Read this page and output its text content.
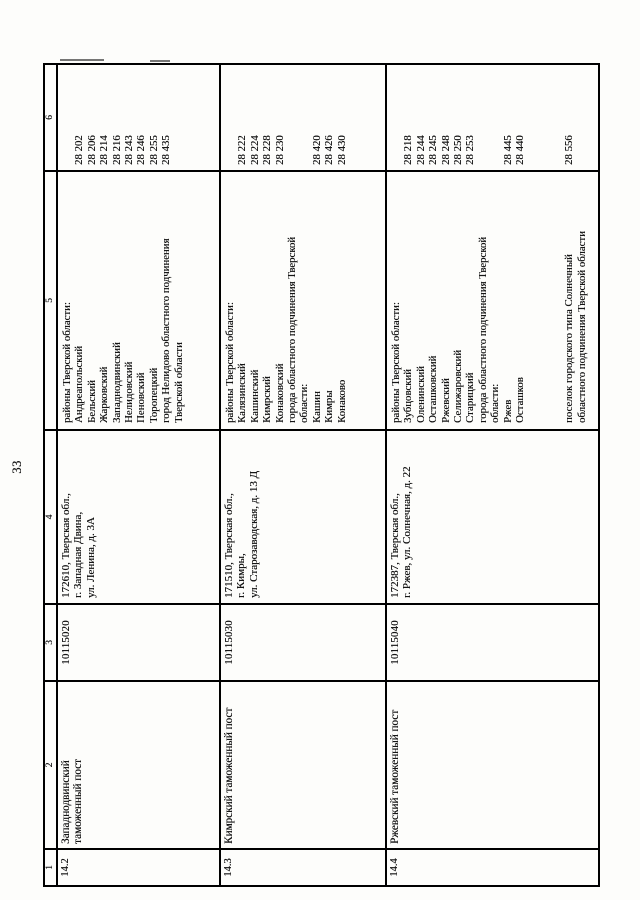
33
1
2
3
4
5
6
14.2
Западнодвинский таможенный пост
10115020
172610, Тверская обл., г. Западная Двина, ул. Ленина, д. 3А
районы Тверской области: Андреапольский Бельский Жарковский Западнодвинский Нелидовский Пеновский Торопецкий город Нелидово областного подчинения Тверской области

28 202 28 206 28 214 28 216 28 243 28 246 28 255 28 435

14.3
Кимрский таможенный пост
10115030
171510, Тверская обл., г. Кимры, ул. Старозаводская, д. 13 Д
районы Тверской области: Калязинский Кашинский Кимрский Конаковский города областного подчинения Тверской области: Кашин Кимры Конаково

28 222 28 224 28 228 28 230

28 420 28 426 28 430
14.4
Ржевский таможенный пост
10115040
172387, Тверская обл., г. Ржев, ул. Солнечная, д. 22
районы Тверской области: Зубцовский Оленинский Осташковский Ржевский Селижаровский Старицкий города областного подчинения Тверской области: Ржев Осташков

	поселок городского типа Солнечный областного подчинения Тверской области

28 218 28 244 28 245 28 248 28 250 28 253

28 445 28 440

	28 556
